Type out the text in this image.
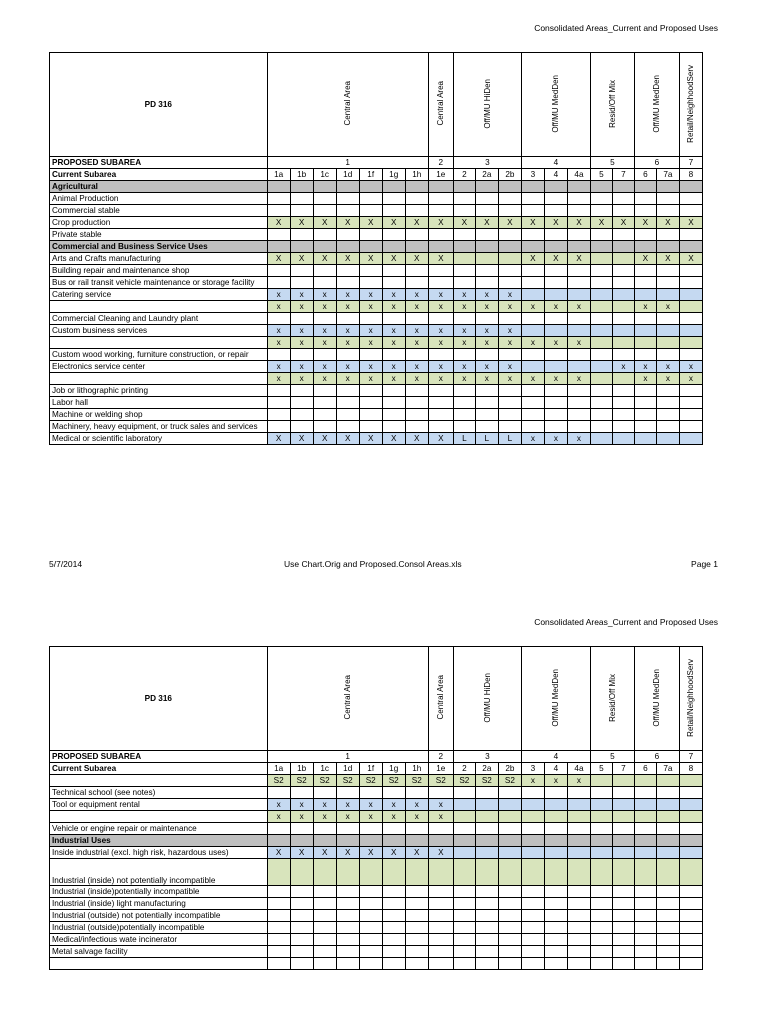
Consolidated Areas_Current and Proposed Uses
PD 316	Central Area							Central Area	Off/MU HiDen			Off/MU MedDen			Resid/Off Mix		Off/MU MedDen		Retail/NeighhoodServ
PROPOSED SUBAREA	1							2	3			4			5		6		7
Current Subarea	1a	1b	1c	1d	1f	1g	1h	1e	2	2a	2b	3	4	4a	5	7	6	7a	8
Agricultural																			
Animal Production																			
Commercial stable																			
Crop production	X	X	X	X	X	X	X	X	X	X	X	X	X	X	X	X	X	X	X
Private stable																			
Commercial and Business Service Uses																			
Arts and Crafts manufacturing	X	X	X	X	X	X	X	X				X	X	X			X	X	X
Building repair and maintenance shop																			
Bus or rail transit vehicle maintenance or storage facility																			
Catering service	x	x	x	x	x	x	x	x	x	x	x								
	x	x	x	x	x	x	x	x	x	x	x	x	x	x			x	x	
Commercial Cleaning and Laundry plant																			
Custom business services	x	x	x	x	x	x	x	x	x	x	x								
	x	x	x	x	x	x	x	x	x	x	x	x	x	x					
Custom wood working, furniture construction, or repair																			
Electronics service center	x	x	x	x	x	x	x	x	x	x	x					x	x	x	x
	x	x	x	x	x	x	x	x	x	x	x	x	x	x			x	x	x
Job or lithographic printing																			
Labor hall																			
Machine or welding shop																			
Machinery, heavy equipment, or truck sales and services																			
Medical or scientific laboratory	X	X	X	X	X	X	X	X	L	L	L	x	x	x					
5/7/2014	Use Chart.Orig and Proposed.Consol Areas.xls	Page 1
Consolidated Areas_Current and Proposed Uses
PD 316	Central Area							Central Area	Off/MU HiDen			Off/MU MedDen			Resid/Off Mix		Off/MU MedDen		Retail/NeighhoodServ
PROPOSED SUBAREA	1							2	3			4			5		6		7
Current Subarea	1a	1b	1c	1d	1f	1g	1h	1e	2	2a	2b	3	4	4a	5	7	6	7a	8
	S2	S2	S2	S2	S2	S2	S2	S2	S2	S2	S2	x	x	x					
Technical school (see notes)																			
Tool or equipment rental	x	x	x	x	x	x	x	x											
	x	x	x	x	x	x	x	x											
Vehicle or engine repair or maintenance																			
Industrial Uses																			
Inside industrial (excl. high risk, hazardous uses)	X	X	X	X	X	X	X	X											
Industrial (inside) not potentially incompatible																			
Industrial (inside)potentially incompatible																			
Industrial (inside) light manufacturing																			
Industrial (outside) not potentially incompatible																			
Industrial (outside)potentially incompatible																			
Medical/infectious wate incinerator																			
Metal salvage facility																			
